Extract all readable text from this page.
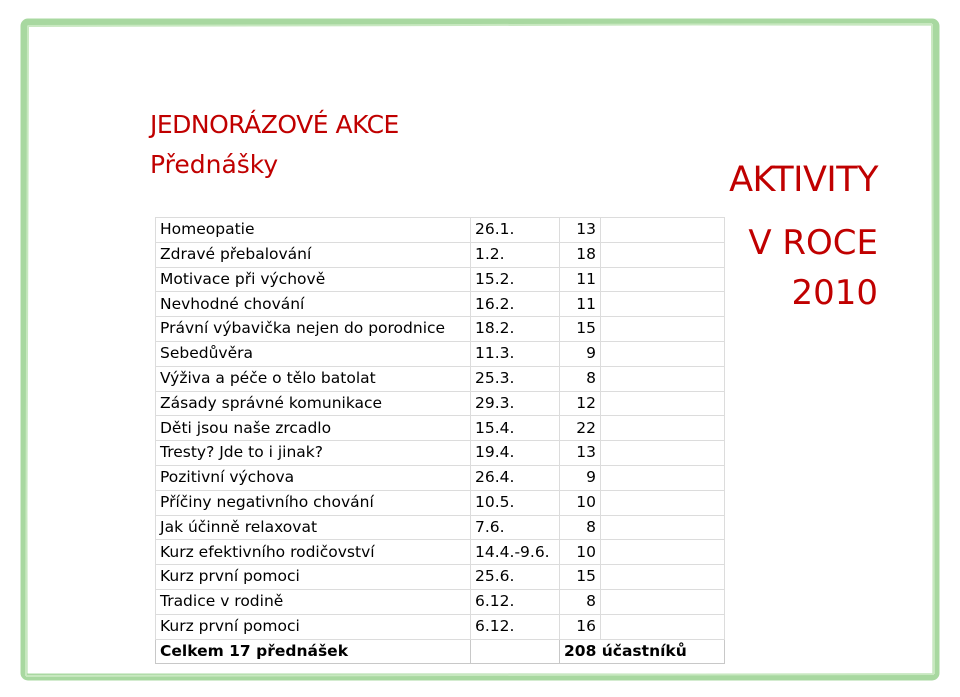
JEDNORÁZOVÉ AKCE
Přednášky	AKTIVITY
V ROCE
2010
Homeopatie	26.1.	13	
Zdravé přebalování	1.2.	18	
Motivace při výchově	15.2.	11	
Nevhodné chování	16.2.	11	
Právní výbavička nejen do porodnice	18.2.	15	
Sebedůvěra	11.3.	9	
Výživa a péče o tělo batolat	25.3.	8	
Zásady správné komunikace	29.3.	12	
Děti jsou naše zrcadlo	15.4.	22	
Tresty? Jde to i jinak?	19.4.	13	
Pozitivní výchova	26.4.	9	
Příčiny negativního chování	10.5.	10	
Jak účinně relaxovat	7.6.	8	
Kurz efektivního rodičovství	14.4.-9.6.	10	
Kurz první pomoci	25.6.	15	
Tradice v rodině	6.12.	8	
Kurz první pomoci	6.12.	16	
Celkem 17 přednášek		208 účastníků	
